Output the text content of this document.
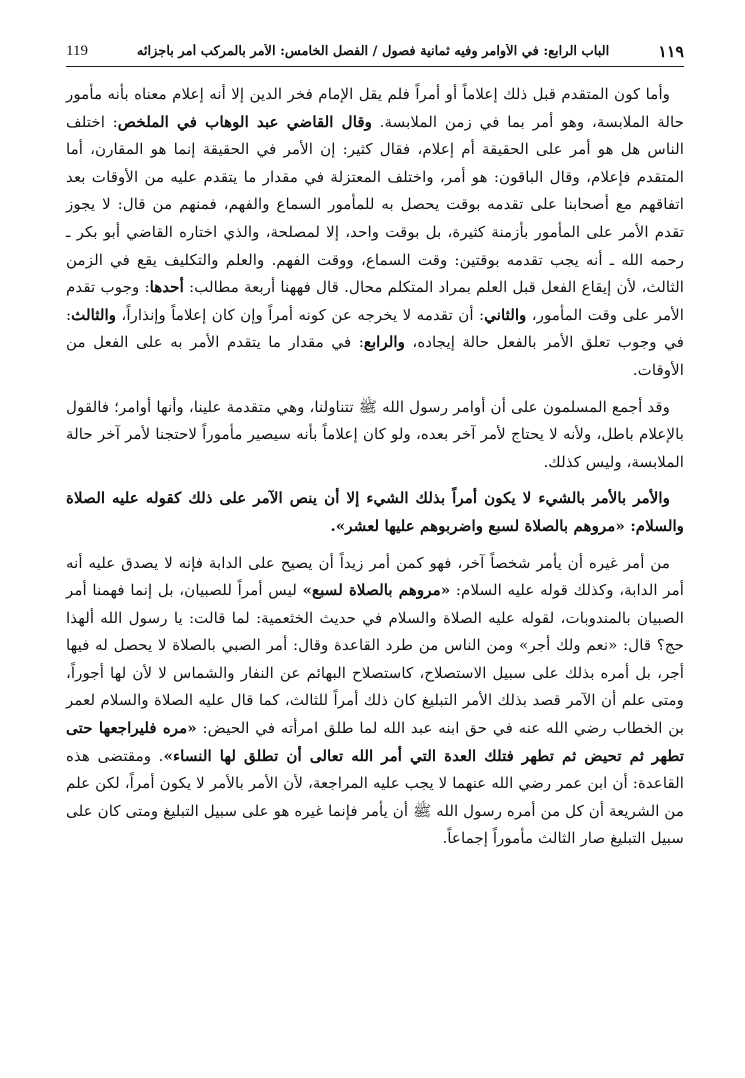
119	الباب الرابع: في الأوامر وفيه ثمانية فصول / الفصل الخامس: الأمر بالمركب أمر بأجزائه	١١٩

وأما كون المتقدم قبل ذلك إعلاماً أو أمراً فلم يقل الإمام فخر الدين إلا أنه إعلام معناه بأنه مأمور حالة الملابسة، وهو أمر بما في زمن الملابسة. وقال القاضي عبد الوهاب في الملخص: اختلف الناس هل هو أمر على الحقيقة أم إعلام، فقال كثير: إن الأمر في الحقيقة إنما هو المقارن، أما المتقدم فإعلام، وقال الباقون: هو أمر، واختلف المعتزلة في مقدار ما يتقدم عليه من الأوقات بعد اتفاقهم مع أصحابنا على تقدمه بوقت يحصل به للمأمور السماع والفهم، فمنهم من قال: لا يجوز تقدم الأمر على المأمور بأزمنة كثيرة، بل بوقت واحد، إلا لمصلحة، والذي اختاره القاضي أبو بكر ـ رحمه الله ـ أنه يجب تقدمه بوقتين: وقت السماع، ووقت الفهم. والعلم والتكليف يقع في الزمن الثالث، لأن إيقاع الفعل قبل العلم بمراد المتكلم محال. قال فههنا أربعة مطالب: أحدها: وجوب تقدم الأمر على وقت المأمور، والثاني: أن تقدمه لا يخرجه عن كونه أمراً وإن كان إعلاماً وإنذاراً، والثالث: في وجوب تعلق الأمر بالفعل حالة إيجاده، والرابع: في مقدار ما يتقدم الأمر به على الفعل من الأوقات.

وقد أجمع المسلمون على أن أوامر رسول الله ﷺ تتناولنا، وهي متقدمة علينا، وأنها أوامر؛ فالقول بالإعلام باطل، ولأنه لا يحتاج لأمر آخر بعده، ولو كان إعلاماً بأنه سيصير مأموراً لاحتجنا لأمر آخر حالة الملابسة، وليس كذلك.

والأمر بالأمر بالشيء لا يكون أمراً بذلك الشيء إلا أن ينص الآمر على ذلك كقوله عليه الصلاة والسلام: «مروهم بالصلاة لسبع واضربوهم عليها لعشر».

من أمر غيره أن يأمر شخصاً آخر، فهو كمن أمر زيداً أن يصيح على الدابة فإنه لا يصدق عليه أنه أمر الدابة، وكذلك قوله عليه السلام: «مروهم بالصلاة لسبع» ليس أمراً للصبيان، بل إنما فهمنا أمر الصبيان بالمندوبات، لقوله عليه الصلاة والسلام في حديث الخثعمية: لما قالت: يا رسول الله ألهذا حج؟ قال: «نعم ولك أجر» ومن الناس من طرد القاعدة وقال: أمر الصبي بالصلاة لا يحصل له فيها أجر، بل أمره بذلك على سبيل الاستصلاح، كاستصلاح البهائم عن النفار والشماس لا لأن لها أجوراً، ومتى علم أن الآمر قصد بذلك الأمر التبليغ كان ذلك أمراً للثالث، كما قال عليه الصلاة والسلام لعمر بن الخطاب رضي الله عنه في حق ابنه عبد الله لما طلق امرأته في الحيض: «مره فليراجعها حتى تطهر ثم تحيض ثم تطهر فتلك العدة التي أمر الله تعالى أن تطلق لها النساء». ومقتضى هذه القاعدة: أن ابن عمر رضي الله عنهما لا يجب عليه المراجعة، لأن الأمر بالأمر لا يكون أمراً، لكن علم من الشريعة أن كل من أمره رسول الله ﷺ أن يأمر فإنما غيره هو على سبيل التبليغ ومتى كان على سبيل التبليغ صار الثالث مأموراً إجماعاً.
